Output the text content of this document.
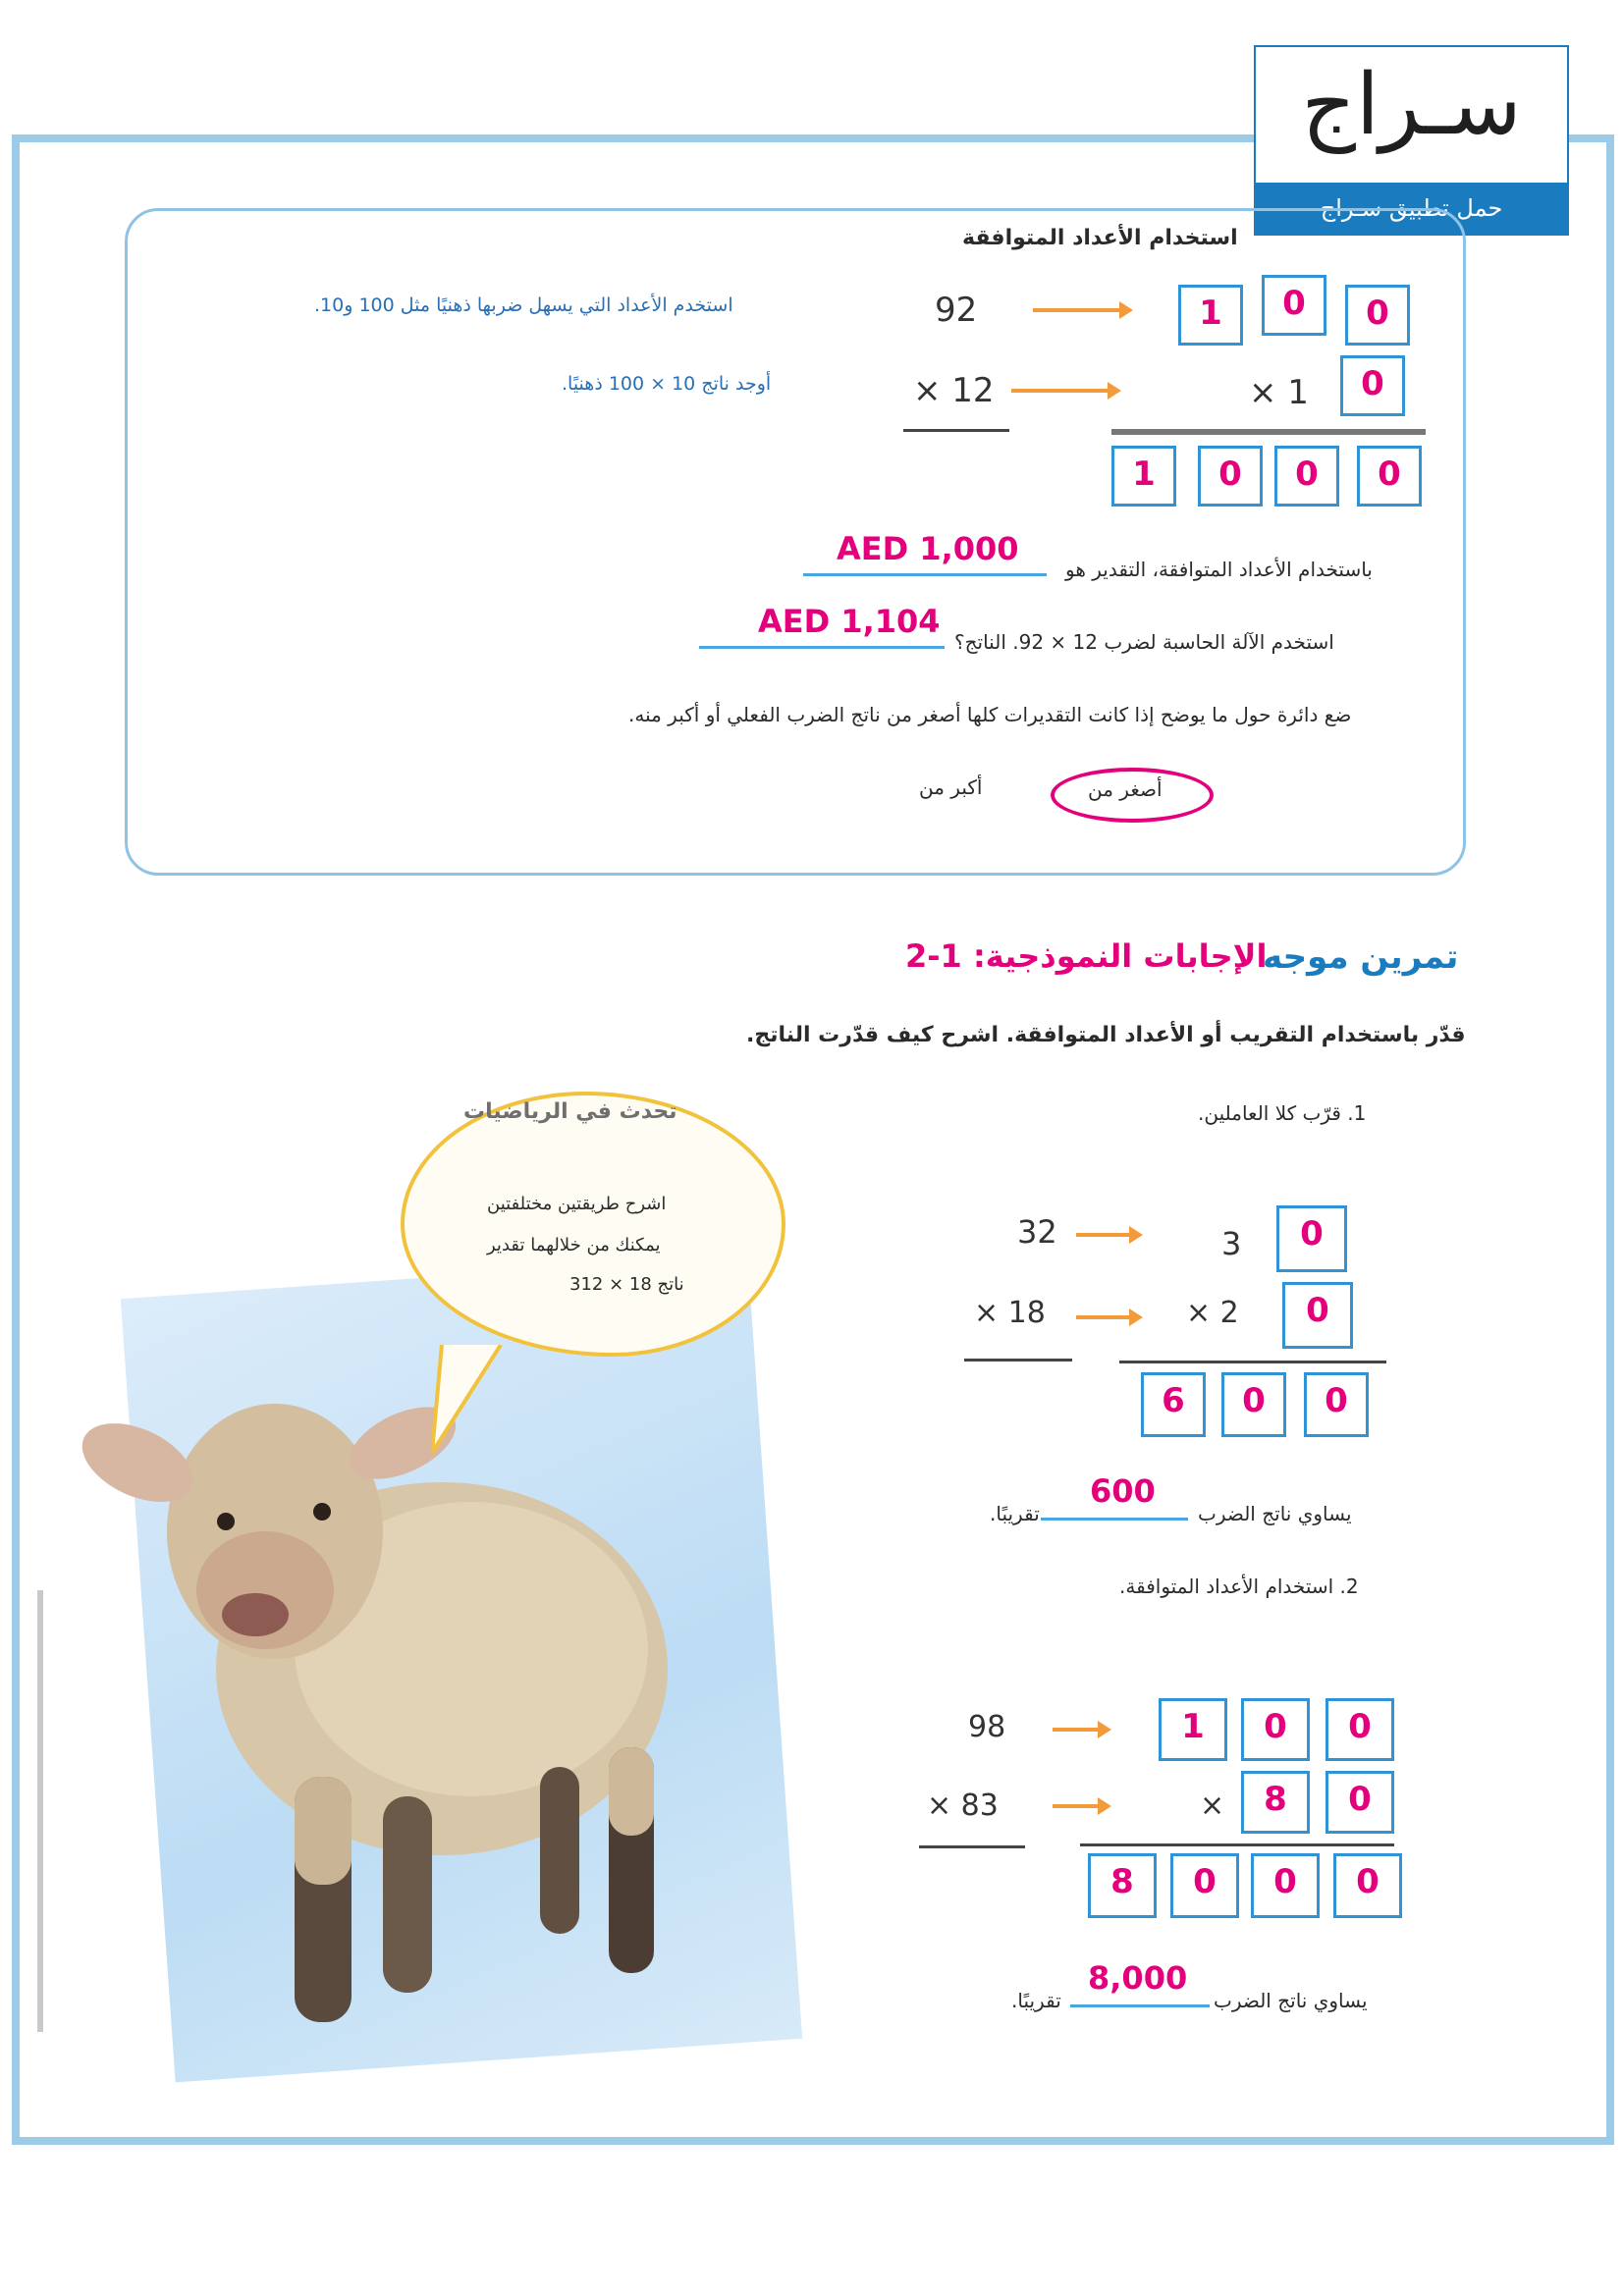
سـراج
حمل تطبيق سـراج
استخدام الأعداد المتوافقة
استخدم الأعداد التي يسهل ضربها ذهنيًا مثل 100 و10.
أوجد ناتج 10 × 100 ذهنيًا.
92
× 12
1	0	0
× 1	0
1	0	0	0
باستخدام الأعداد المتوافقة، التقدير هو
AED 1,000
استخدم الآلة الحاسبة لضرب 12 × 92. الناتج؟
AED 1,104
ضع دائرة حول ما يوضح إذا كانت التقديرات كلها أصغر من ناتج الضرب الفعلي أو أكبر منه.
أصغر من
أكبر من
تمرين موجه
الإجابات النموذجية: 1-2
قدّر باستخدام التقريب أو الأعداد المتوافقة. اشرح كيف قدّرت الناتج.
1. قرّب كلا العاملين.
32
× 18
3	0
× 2	0
6	0	0
يساوي ناتج الضرب
600
تقريبًا.
2. استخدام الأعداد المتوافقة.
98
× 83
1	0	0
×	8	0
8	0	0	0
يساوي ناتج الضرب
8,000
تقريبًا.
تحدث في الرياضيات
اشرح طريقتين مختلفتين
يمكنك من خلالهما تقدير
ناتج 18 × 312
